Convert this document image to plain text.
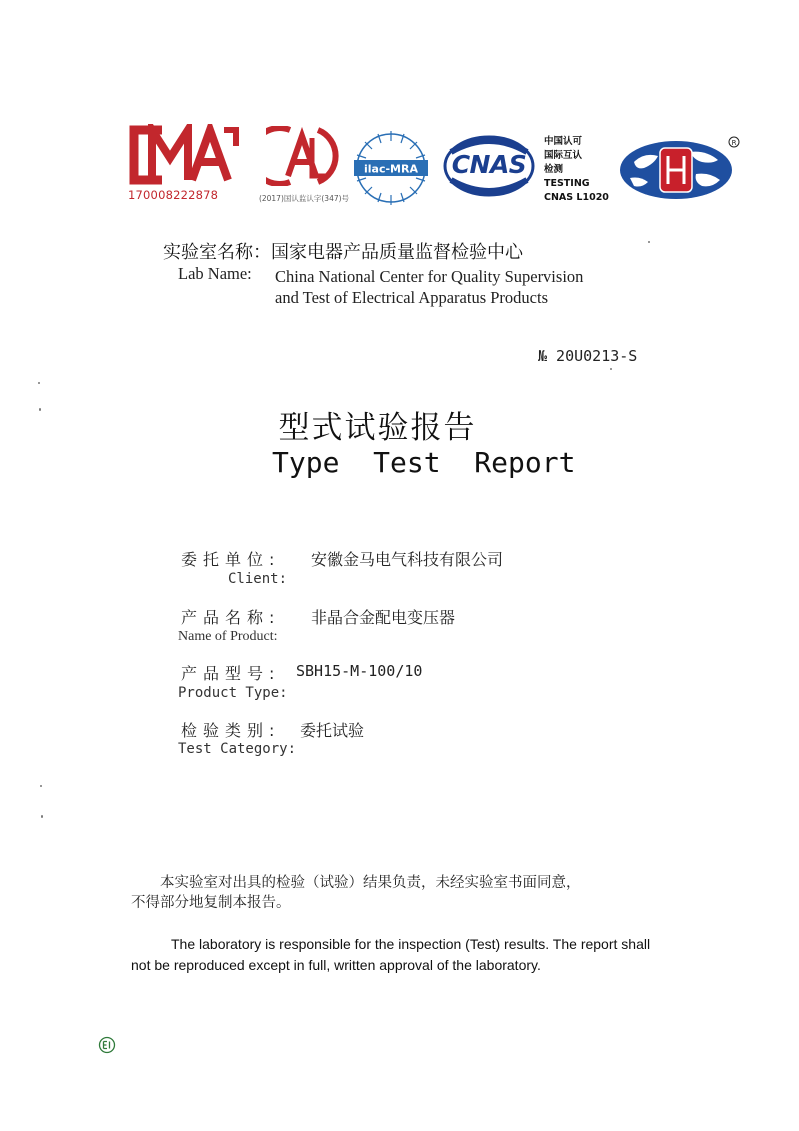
170008222878	(2017)国认监认字(347)号
ilac-MRA	CNAS
中国认可
国际互认
检测
TESTING
CNAS L1020
R
实验室名称：国家电器产品质量监督检验中心
Lab Name: China National Center for Quality Supervision
and Test of Electrical Apparatus Products
№ 20U0213-S
型式试验报告
Type  Test  Report
委托单位: 安徽金马电气科技有限公司
Client:
产品名称: 非晶合金配电变压器
Name of Product:
产品型号: SBH15-M-100/10
Product Type:
检验类别: 委托试验
Test Category:
本实验室对出具的检验（试验）结果负责，未经实验室书面同意，
不得部分地复制本报告。
The laboratory is responsible for the inspection (Test) results. The report shall
not be reproduced except in full, written approval of the laboratory.
